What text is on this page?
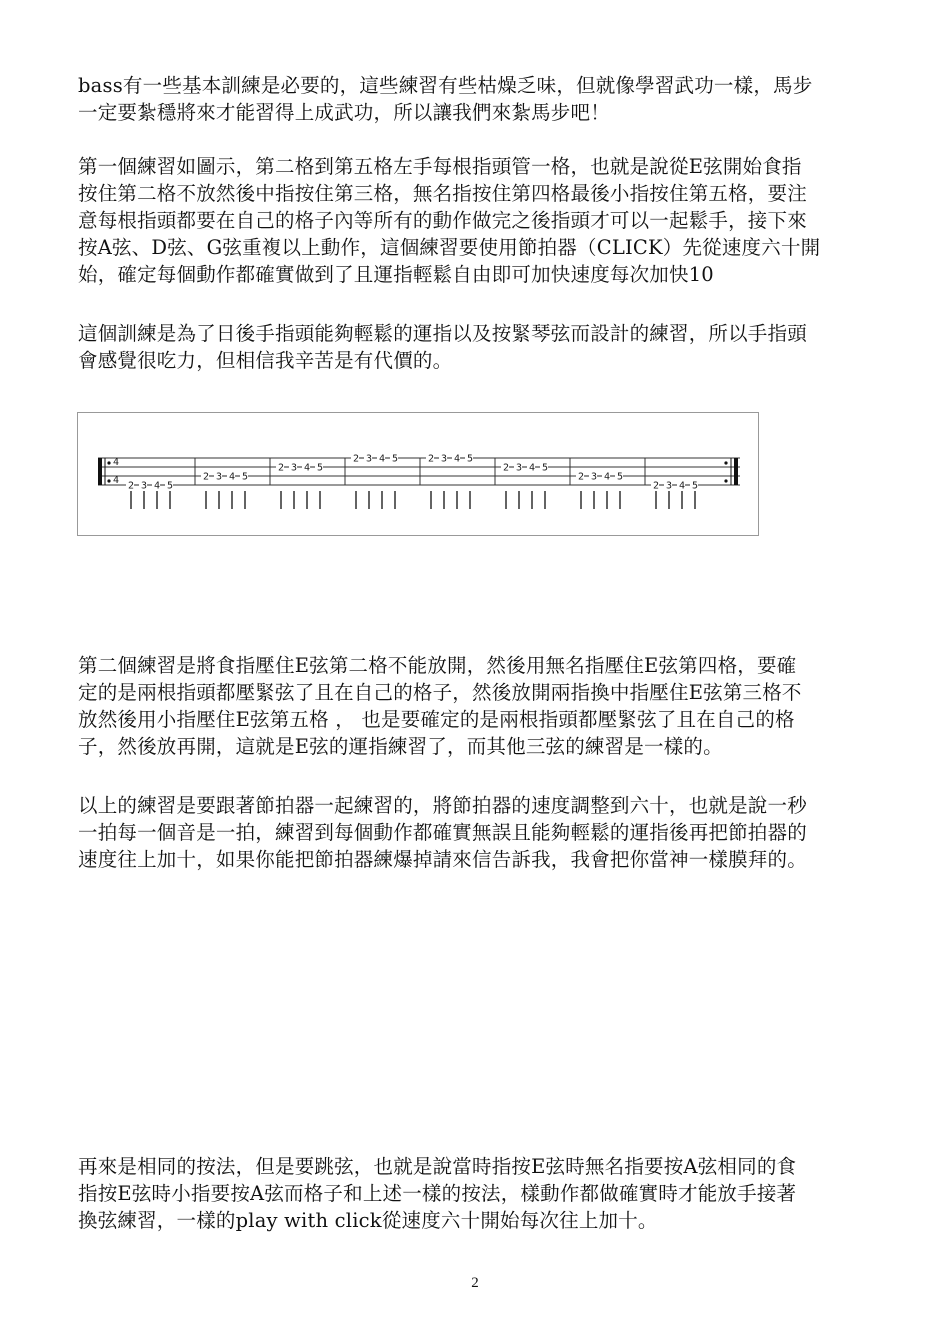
bass有一些基本訓練是必要的，這些練習有些枯燥乏味，但就像學習武功一樣，馬步
一定要紮穩將來才能習得上成武功，所以讓我們來紮馬步吧！

第一個練習如圖示，第二格到第五格左手每根指頭管一格，也就是說從E弦開始食指
按住第二格不放然後中指按住第三格，無名指按住第四格最後小指按住第五格，要注
意每根指頭都要在自己的格子內等所有的動作做完之後指頭才可以一起鬆手，接下來
按A弦、D弦、G弦重複以上動作，這個練習要使用節拍器（CLICK）先從速度六十開
始，確定每個動作都確實做到了且運指輕鬆自由即可加快速度每次加快10

這個訓練是為了日後手指頭能夠輕鬆的運指以及按緊琴弦而設計的練習，所以手指頭
會感覺很吃力，但相信我辛苦是有代價的。

4
4 2 3 4 5
2 3 4 5
2 3 4 5
2 3 4 5	2 3 4 5
2 3 4 5
2 3 4 5
2 3 4 5

第二個練習是將食指壓住E弦第二格不能放開，然後用無名指壓住E弦第四格，要確
定的是兩根指頭都壓緊弦了且在自己的格子，然後放開兩指換中指壓住E弦第三格不
放然後用小指壓住E弦第五格 ， 也是要確定的是兩根指頭都壓緊弦了且在自己的格
子，然後放再開，這就是E弦的運指練習了，而其他三弦的練習是一樣的。

以上的練習是要跟著節拍器一起練習的，將節拍器的速度調整到六十，也就是說一秒
一拍每一個音是一拍，練習到每個動作都確實無誤且能夠輕鬆的運指後再把節拍器的
速度往上加十，如果你能把節拍器練爆掉請來信告訴我，我會把你當神一樣膜拜的。

再來是相同的按法，但是要跳弦，也就是說當時指按E弦時無名指要按A弦相同的食
指按E弦時小指要按A弦而格子和上述一樣的按法，樣動作都做確實時才能放手接著
換弦練習，一樣的play with click從速度六十開始每次往上加十。

2
